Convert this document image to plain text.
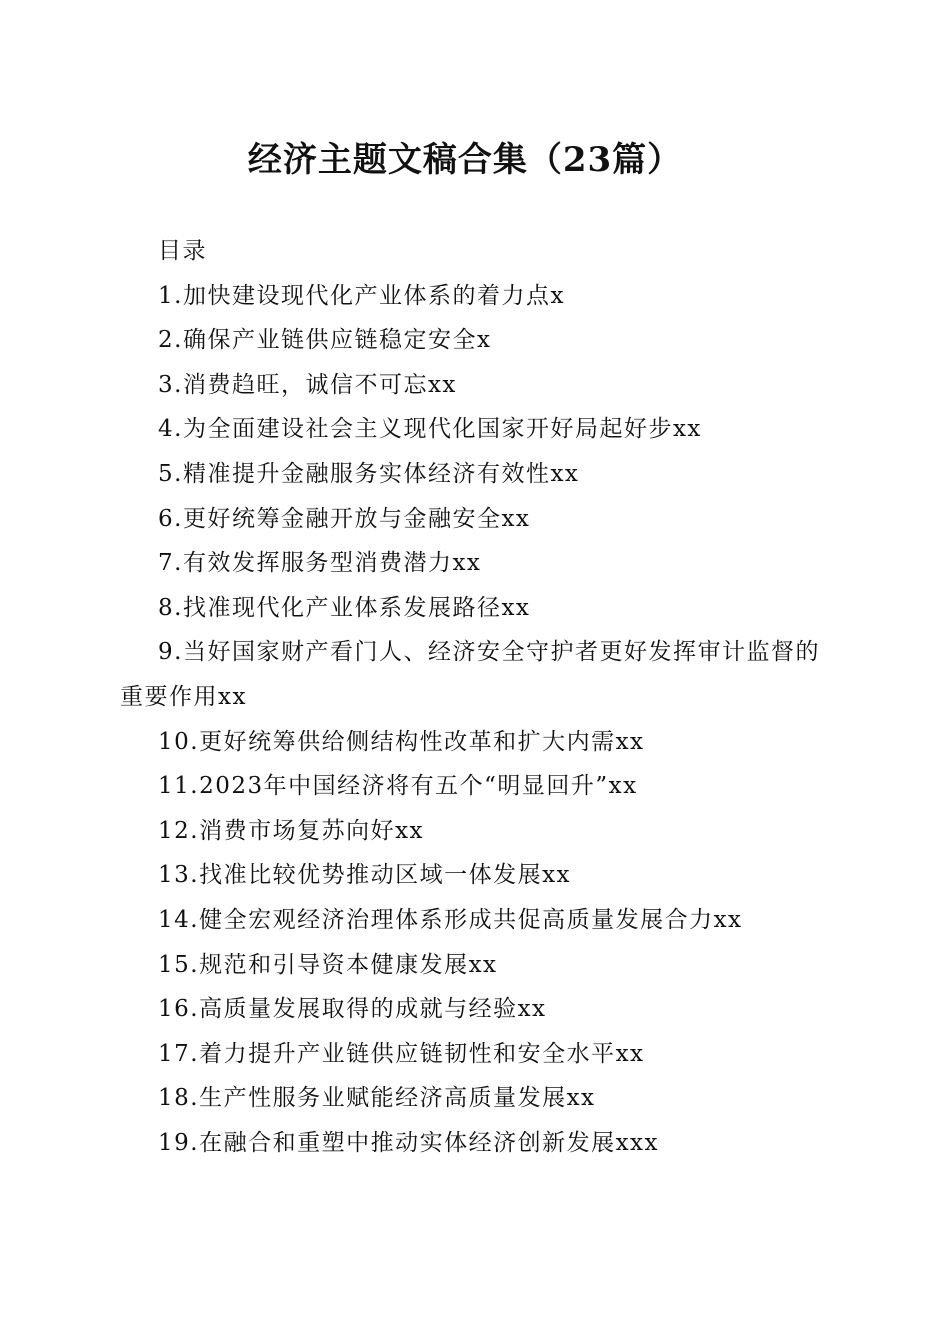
经济主题文稿合集（23篇）
目录
1.加快建设现代化产业体系的着力点x
2.确保产业链供应链稳定安全x
3.消费趋旺，诚信不可忘xx
4.为全面建设社会主义现代化国家开好局起好步xx
5.精准提升金融服务实体经济有效性xx
6.更好统筹金融开放与金融安全xx
7.有效发挥服务型消费潜力xx
8.找准现代化产业体系发展路径xx
9.当好国家财产看门人、经济安全守护者更好发挥审计监督的重要作用xx
10.更好统筹供给侧结构性改革和扩大内需xx
11.2023年中国经济将有五个“明显回升”xx
12.消费市场复苏向好xx
13.找准比较优势推动区域一体发展xx
14.健全宏观经济治理体系形成共促高质量发展合力xx
15.规范和引导资本健康发展xx
16.高质量发展取得的成就与经验xx
17.着力提升产业链供应链韧性和安全水平xx
18.生产性服务业赋能经济高质量发展xx
19.在融合和重塑中推动实体经济创新发展xxx
